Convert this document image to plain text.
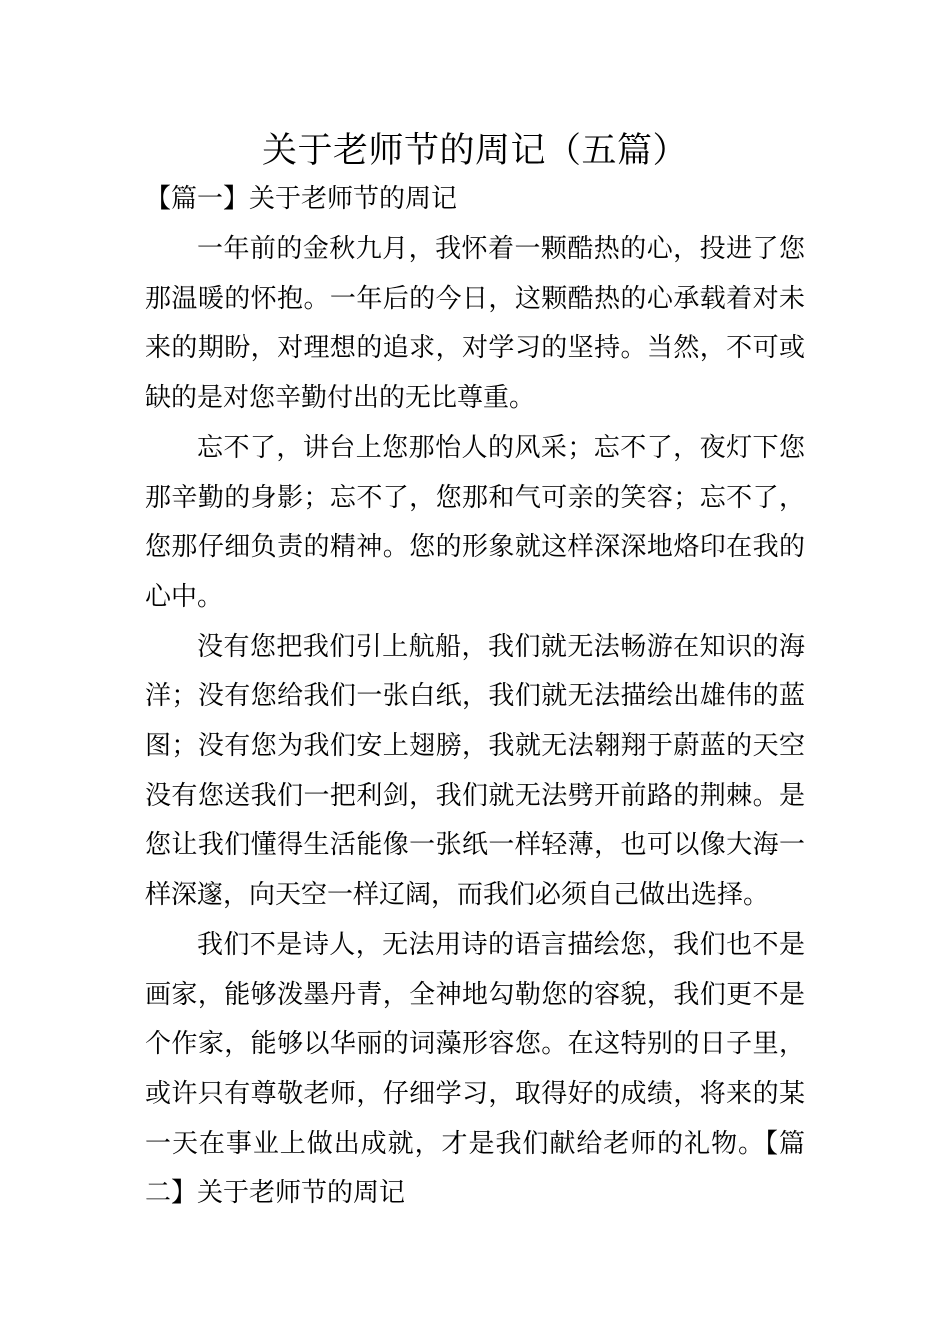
关于老师节的周记（五篇）

【篇一】关于老师节的周记

一年前的金秋九月，我怀着一颗酷热的心，投进了您那温暖的怀抱。一年后的今日，这颗酷热的心承载着对未来的期盼，对理想的追求，对学习的坚持。当然，不可或缺的是对您辛勤付出的无比尊重。

忘不了，讲台上您那怡人的风采；忘不了，夜灯下您那辛勤的身影；忘不了，您那和气可亲的笑容；忘不了，您那仔细负责的精神。您的形象就这样深深地烙印在我的心中。

没有您把我们引上航船，我们就无法畅游在知识的海洋；没有您给我们一张白纸，我们就无法描绘出雄伟的蓝图；没有您为我们安上翅膀，我就无法翱翔于蔚蓝的天空没有您送我们一把利剑，我们就无法劈开前路的荆棘。是您让我们懂得生活能像一张纸一样轻薄，也可以像大海一样深邃，向天空一样辽阔，而我们必须自己做出选择。

我们不是诗人，无法用诗的语言描绘您，我们也不是画家，能够泼墨丹青，全神地勾勒您的容貌，我们更不是个作家，能够以华丽的词藻形容您。在这特别的日子里，或许只有尊敬老师，仔细学习，取得好的成绩，将来的某一天在事业上做出成就，才是我们献给老师的礼物。【篇二】关于老师节的周记
